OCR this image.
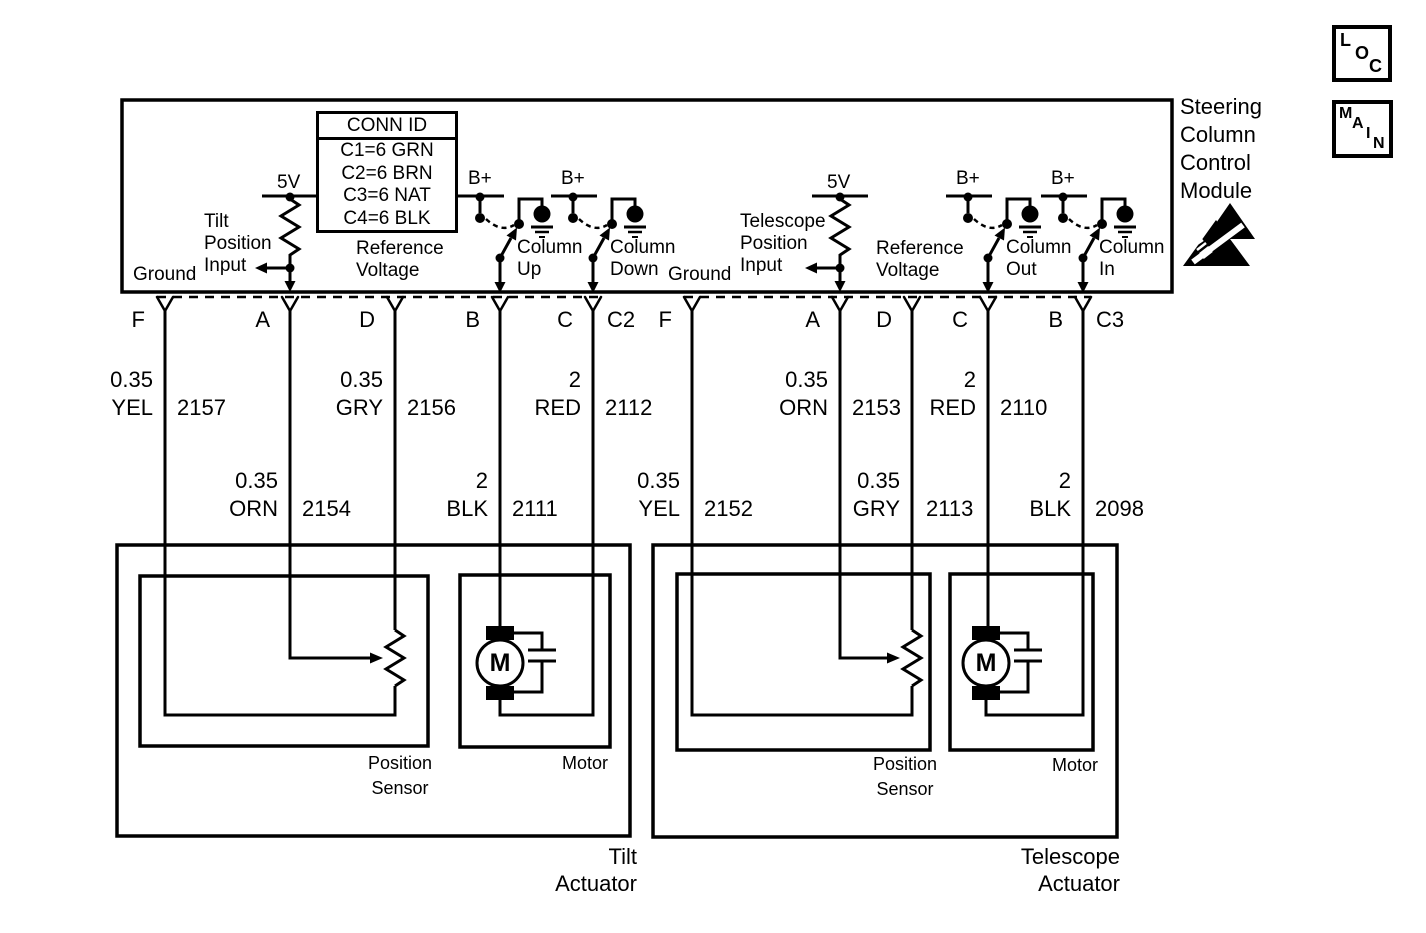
L
O
C
M
A
I
N
Steering Column Control Module
CONN ID
C1=6 GRN
C2=6 BRN
C3=6 NAT
C4=6 BLK
Ground
Tilt Position Input
5V
Reference Voltage
B+
Column Up
B+
Column Down Ground
Telescope Position Input
5V
Reference Voltage
B+
Column Out
B+
Column In
F	A	D	B	C C2	F	A	D	C	B C3
0.35
YEL 2157
0.35
ORN 2154
0.35
GRY 2156
2
BLK 2111
2
RED 2112
0.35
YEL 2152
0.35
ORN 2153
0.35
GRY 2113
2
RED 2110
2
BLK 2098
M	M
Position Sensor
Motor	Position Sensor
Motor
Tilt Actuator
Telescope Actuator
